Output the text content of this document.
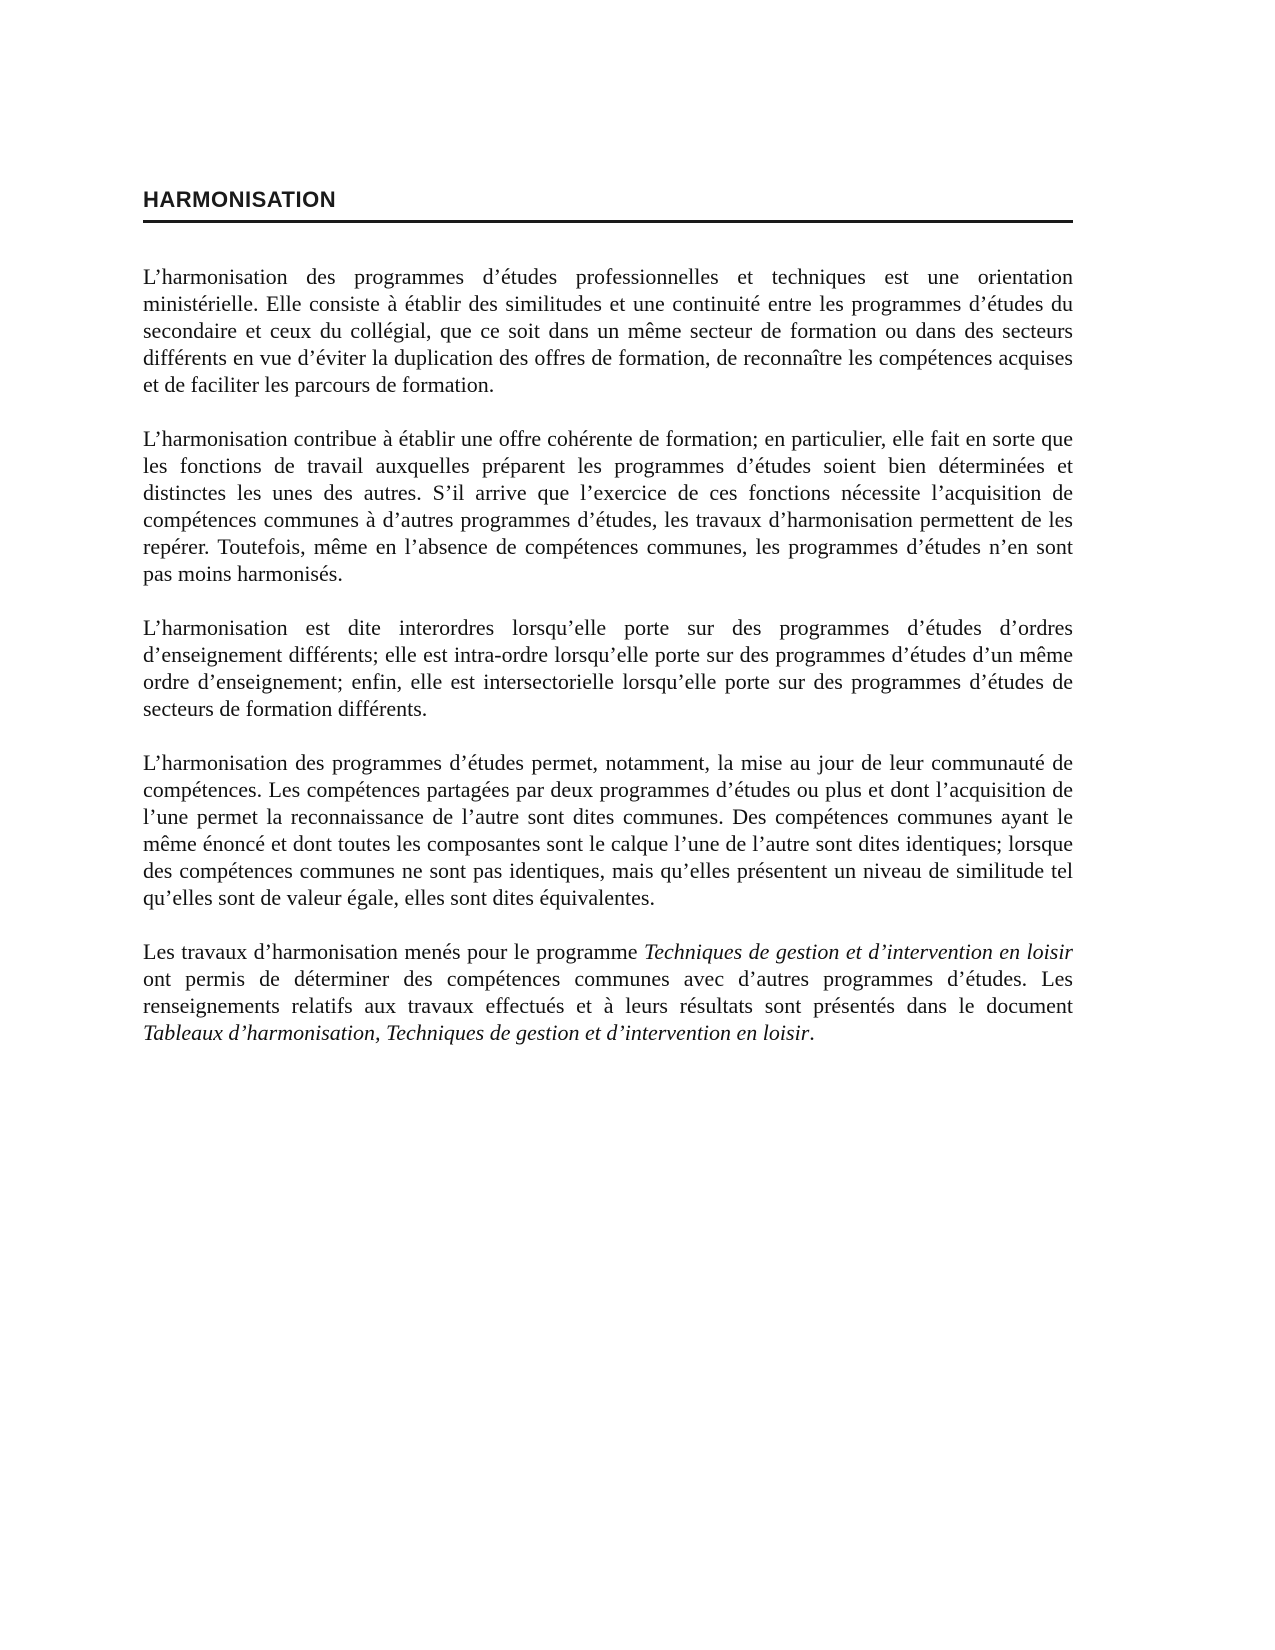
HARMONISATION

L’harmonisation des programmes d’études professionnelles et techniques est une orientation ministérielle. Elle consiste à établir des similitudes et une continuité entre les programmes d’études du secondaire et ceux du collégial, que ce soit dans un même secteur de formation ou dans des secteurs différents en vue d’éviter la duplication des offres de formation, de reconnaître les compétences acquises et de faciliter les parcours de formation.

L’harmonisation contribue à établir une offre cohérente de formation; en particulier, elle fait en sorte que les fonctions de travail auxquelles préparent les programmes d’études soient bien déterminées et distinctes les unes des autres. S’il arrive que l’exercice de ces fonctions nécessite l’acquisition de compétences communes à d’autres programmes d’études, les travaux d’harmonisation permettent de les repérer. Toutefois, même en l’absence de compétences communes, les programmes d’études n’en sont pas moins harmonisés.

L’harmonisation est dite interordres lorsqu’elle porte sur des programmes d’études d’ordres d’enseignement différents; elle est intra-ordre lorsqu’elle porte sur des programmes d’études d’un même ordre d’enseignement; enfin, elle est intersectorielle lorsqu’elle porte sur des programmes d’études de secteurs de formation différents.

L’harmonisation des programmes d’études permet, notamment, la mise au jour de leur communauté de compétences. Les compétences partagées par deux programmes d’études ou plus et dont l’acquisition de l’une permet la reconnaissance de l’autre sont dites communes. Des compétences communes ayant le même énoncé et dont toutes les composantes sont le calque l’une de l’autre sont dites identiques; lorsque des compétences communes ne sont pas identiques, mais qu’elles présentent un niveau de similitude tel qu’elles sont de valeur égale, elles sont dites équivalentes.

Les travaux d’harmonisation menés pour le programme Techniques de gestion et d’intervention en loisir ont permis de déterminer des compétences communes avec d’autres programmes d’études. Les renseignements relatifs aux travaux effectués et à leurs résultats sont présentés dans le document Tableaux d’harmonisation, Techniques de gestion et d’intervention en loisir.
